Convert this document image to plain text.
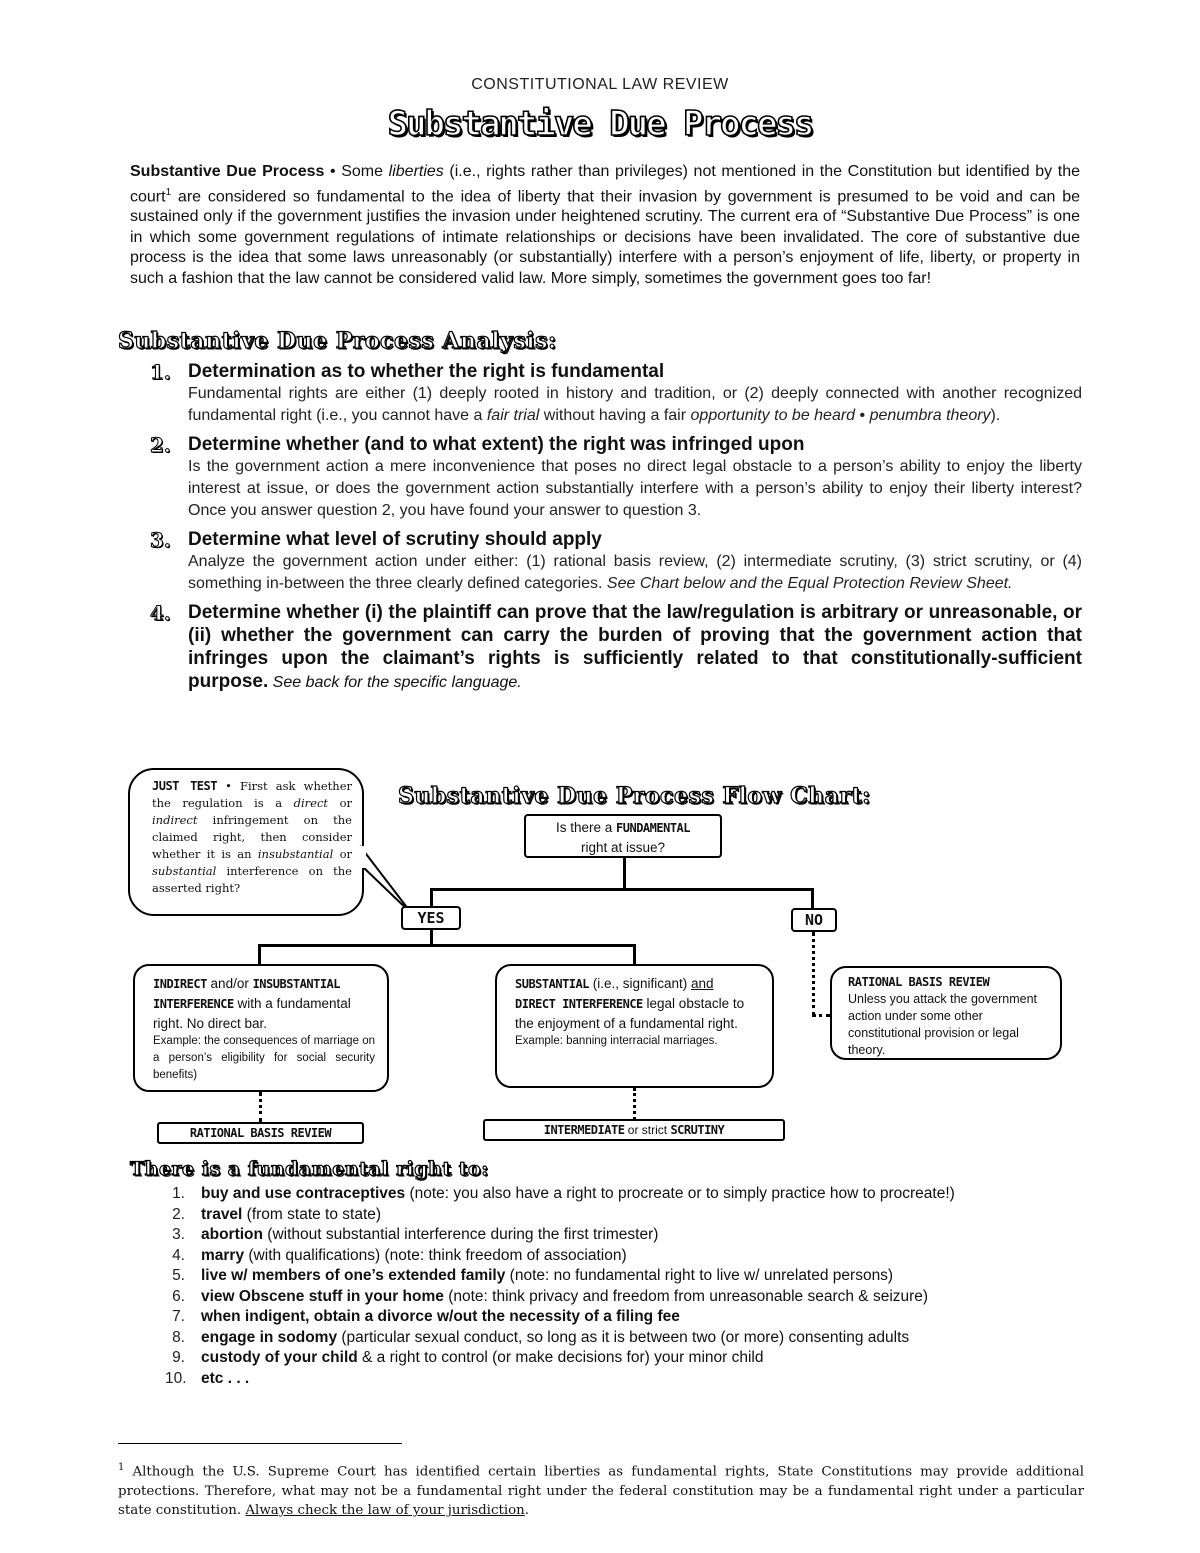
CONSTITUTIONAL LAW REVIEW
Substantive Due Process
Substantive Due Process • Some liberties (i.e., rights rather than privileges) not mentioned in the Constitution but identified by the court$^1$ are considered so fundamental to the idea of liberty that their invasion by government is presumed to be void and can be sustained only if the government justifies the invasion under heightened scrutiny. The current era of “Substantive Due Process” is one in which some government regulations of intimate relationships or decisions have been invalidated. The core of substantive due process is the idea that some laws unreasonably (or substantially) interfere with a person’s enjoyment of life, liberty, or property in such a fashion that the law cannot be considered valid law. More simply, sometimes the government goes too far!
Substantive Due Process Analysis:
1. Determination as to whether the right is fundamental
Fundamental rights are either (1) deeply rooted in history and tradition, or (2) deeply connected with another recognized fundamental right (i.e., you cannot have a fair trial without having a fair opportunity to be heard • penumbra theory).
2. Determine whether (and to what extent) the right was infringed upon
Is the government action a mere inconvenience that poses no direct legal obstacle to a person’s ability to enjoy the liberty interest at issue, or does the government action substantially interfere with a person’s ability to enjoy their liberty interest? Once you answer question 2, you have found your answer to question 3.
3. Determine what level of scrutiny should apply
Analyze the government action under either: (1) rational basis review, (2) intermediate scrutiny, (3) strict scrutiny, or (4) something in-between the three clearly defined categories. See Chart below and the Equal Protection Review Sheet.
4. Determine whether (i) the plaintiff can prove that the law/regulation is arbitrary or unreasonable, or (ii) whether the government can carry the burden of proving that the government action that infringes upon the claimant’s rights is sufficiently related to that constitutionally-sufficient purpose. See back for the specific language.
JUST TEST • First ask whether the regulation is a direct or indirect infringement on the claimed right, then consider whether it is an insubstantial or substantial interference on the asserted right?
Substantive Due Process Flow Chart:
Is there a FUNDAMENTAL
right at issue?
YES	NO
INDIRECT and/or INSUBSTANTIAL INTERFERENCE with a fundamental right. No direct bar.
Example: the consequences of marriage on a person’s eligibility for social security benefits)
SUBSTANTIAL (i.e., significant) and
DIRECT INTERFERENCE legal obstacle to the enjoyment of a fundamental right.
Example: banning interracial marriages.
RATIONAL BASIS REVIEW
Unless you attack the government action under some other constitutional provision or legal theory.
RATIONAL BASIS REVIEW	INTERMEDIATE or strict SCRUTINY
There is a fundamental right to:
1. buy and use contraceptives (note: you also have a right to procreate or to simply practice how to procreate!)
2. travel (from state to state)
3. abortion (without substantial interference during the first trimester)
4. marry (with qualifications) (note: think freedom of association)
5. live w/ members of one’s extended family (note: no fundamental right to live w/ unrelated persons)
6. view Obscene stuff in your home (note: think privacy and freedom from unreasonable search & seizure)
7. when indigent, obtain a divorce w/out the necessity of a filing fee
8. engage in sodomy (particular sexual conduct, so long as it is between two (or more) consenting adults
9. custody of your child & a right to control (or make decisions for) your minor child
10. etc . . .
$^1$ Although the U.S. Supreme Court has identified certain liberties as fundamental rights, State Constitutions may provide additional protections. Therefore, what may not be a fundamental right under the federal constitution may be a fundamental right under a particular state constitution. Always check the law of your jurisdiction.
